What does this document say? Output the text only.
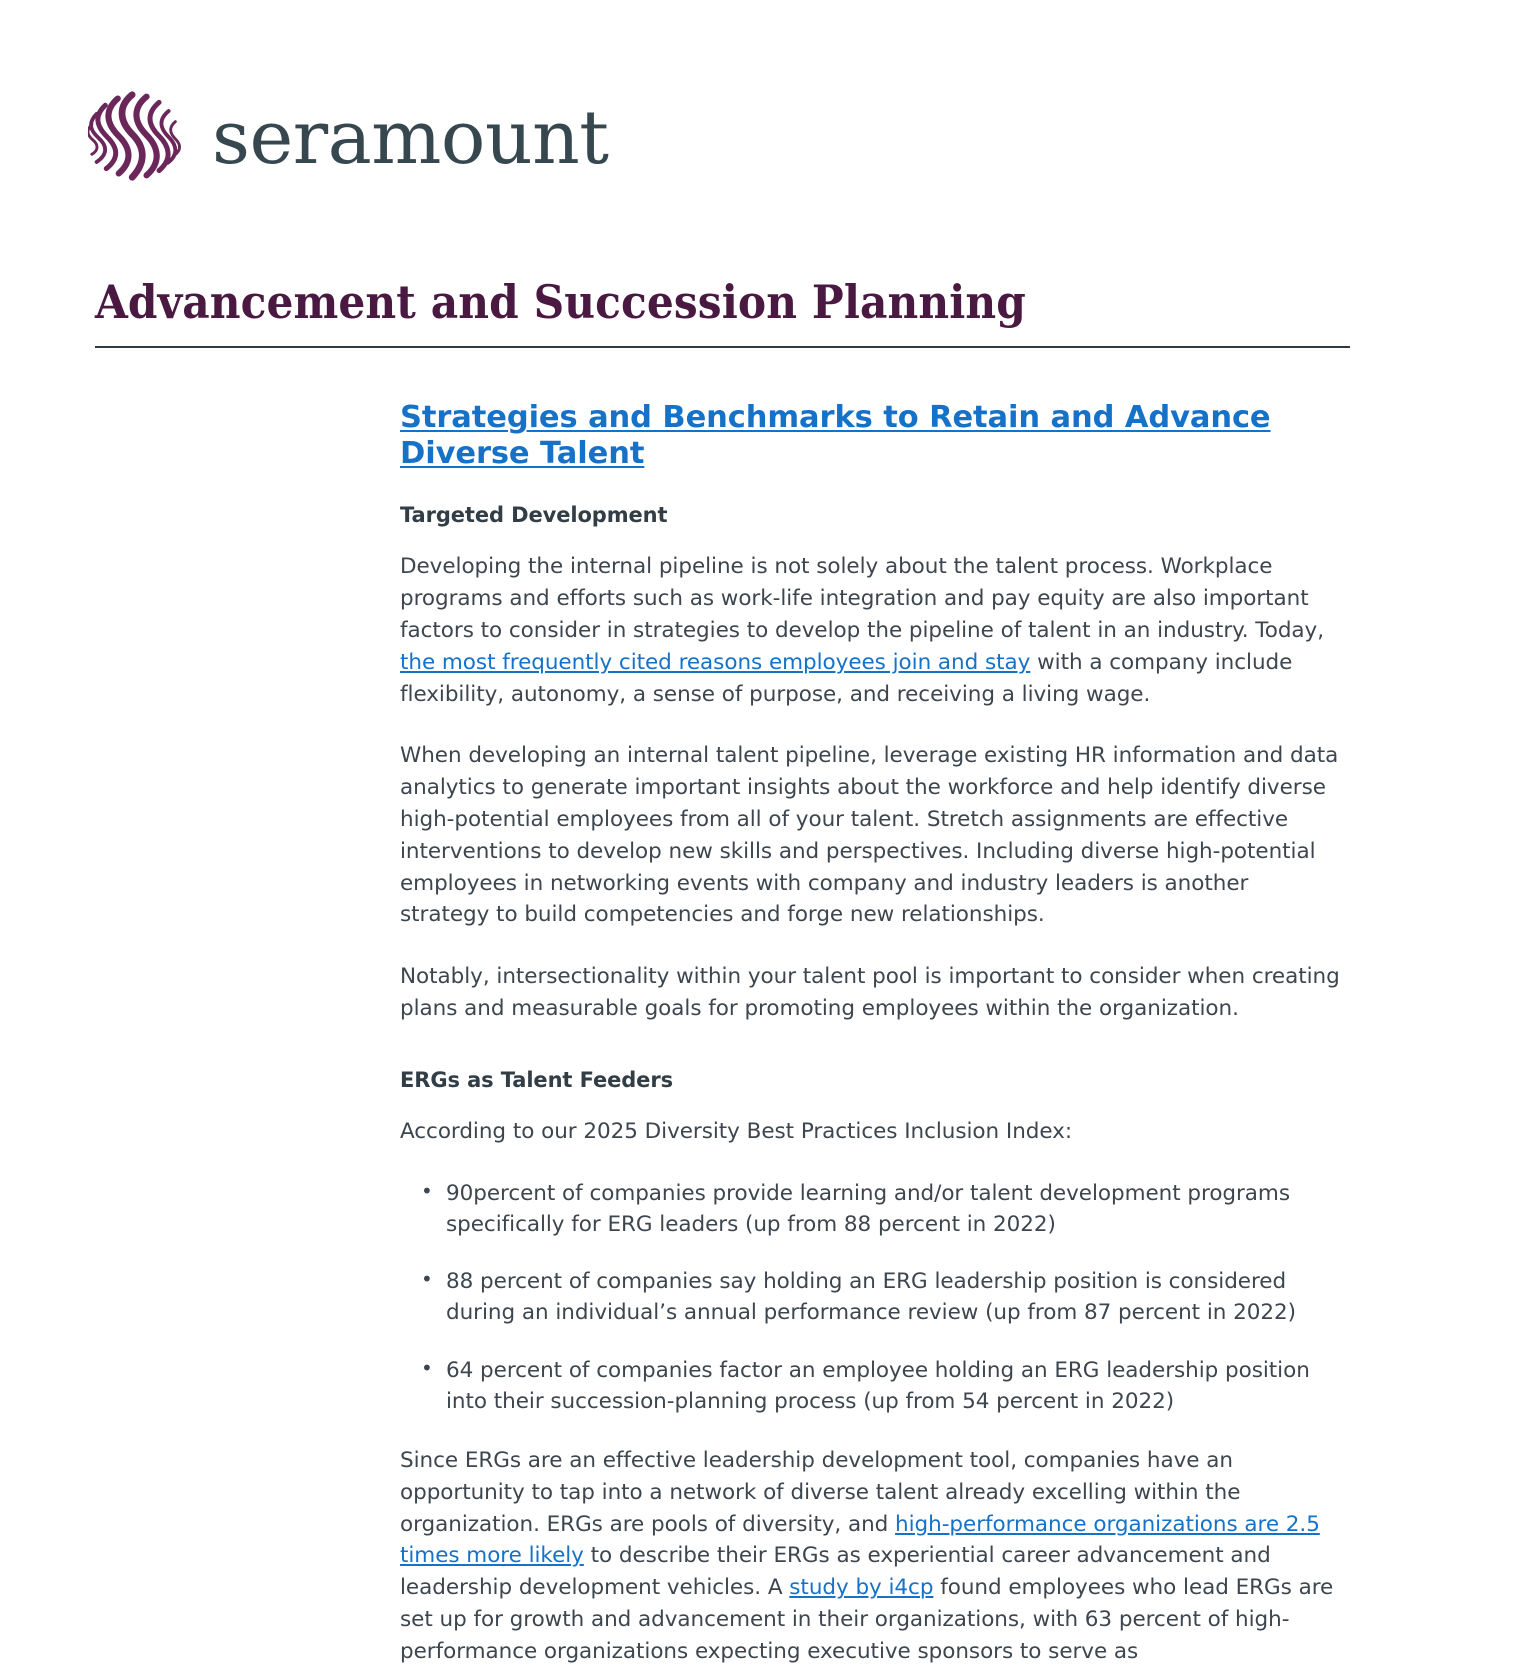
seramount
Advancement and Succession Planning
Strategies and Benchmarks to Retain and Advance Diverse Talent
Targeted Development

Developing the internal pipeline is not solely about the talent process. Workplace programs and efforts such as work-life integration and pay equity are also important factors to consider in strategies to develop the pipeline of talent in an industry. Today, the most frequently cited reasons employees join and stay with a company include flexibility, autonomy, a sense of purpose, and receiving a living wage.

When developing an internal talent pipeline, leverage existing HR information and data analytics to generate important insights about the workforce and help identify diverse high-potential employees from all of your talent. Stretch assignments are effective interventions to develop new skills and perspectives. Including diverse high-potential employees in networking events with company and industry leaders is another strategy to build competencies and forge new relationships.

Notably, intersectionality within your talent pool is important to consider when creating plans and measurable goals for promoting employees within the organization.

ERGs as Talent Feeders

According to our 2025 Diversity Best Practices Inclusion Index:

• 90percent of companies provide learning and/or talent development programs specifically for ERG leaders (up from 88 percent in 2022)
• 88 percent of companies say holding an ERG leadership position is considered during an individual’s annual performance review (up from 87 percent in 2022)
• 64 percent of companies factor an employee holding an ERG leadership position into their succession-planning process (up from 54 percent in 2022)

Since ERGs are an effective leadership development tool, companies have an opportunity to tap into a network of diverse talent already excelling within the organization. ERGs are pools of diversity, and high-performance organizations are 2.5 times more likely to describe their ERGs as experiential career advancement and leadership development vehicles. A study by i4cp found employees who lead ERGs are set up for growth and advancement in their organizations, with 63 percent of high-performance organizations expecting executive sponsors to serve as
